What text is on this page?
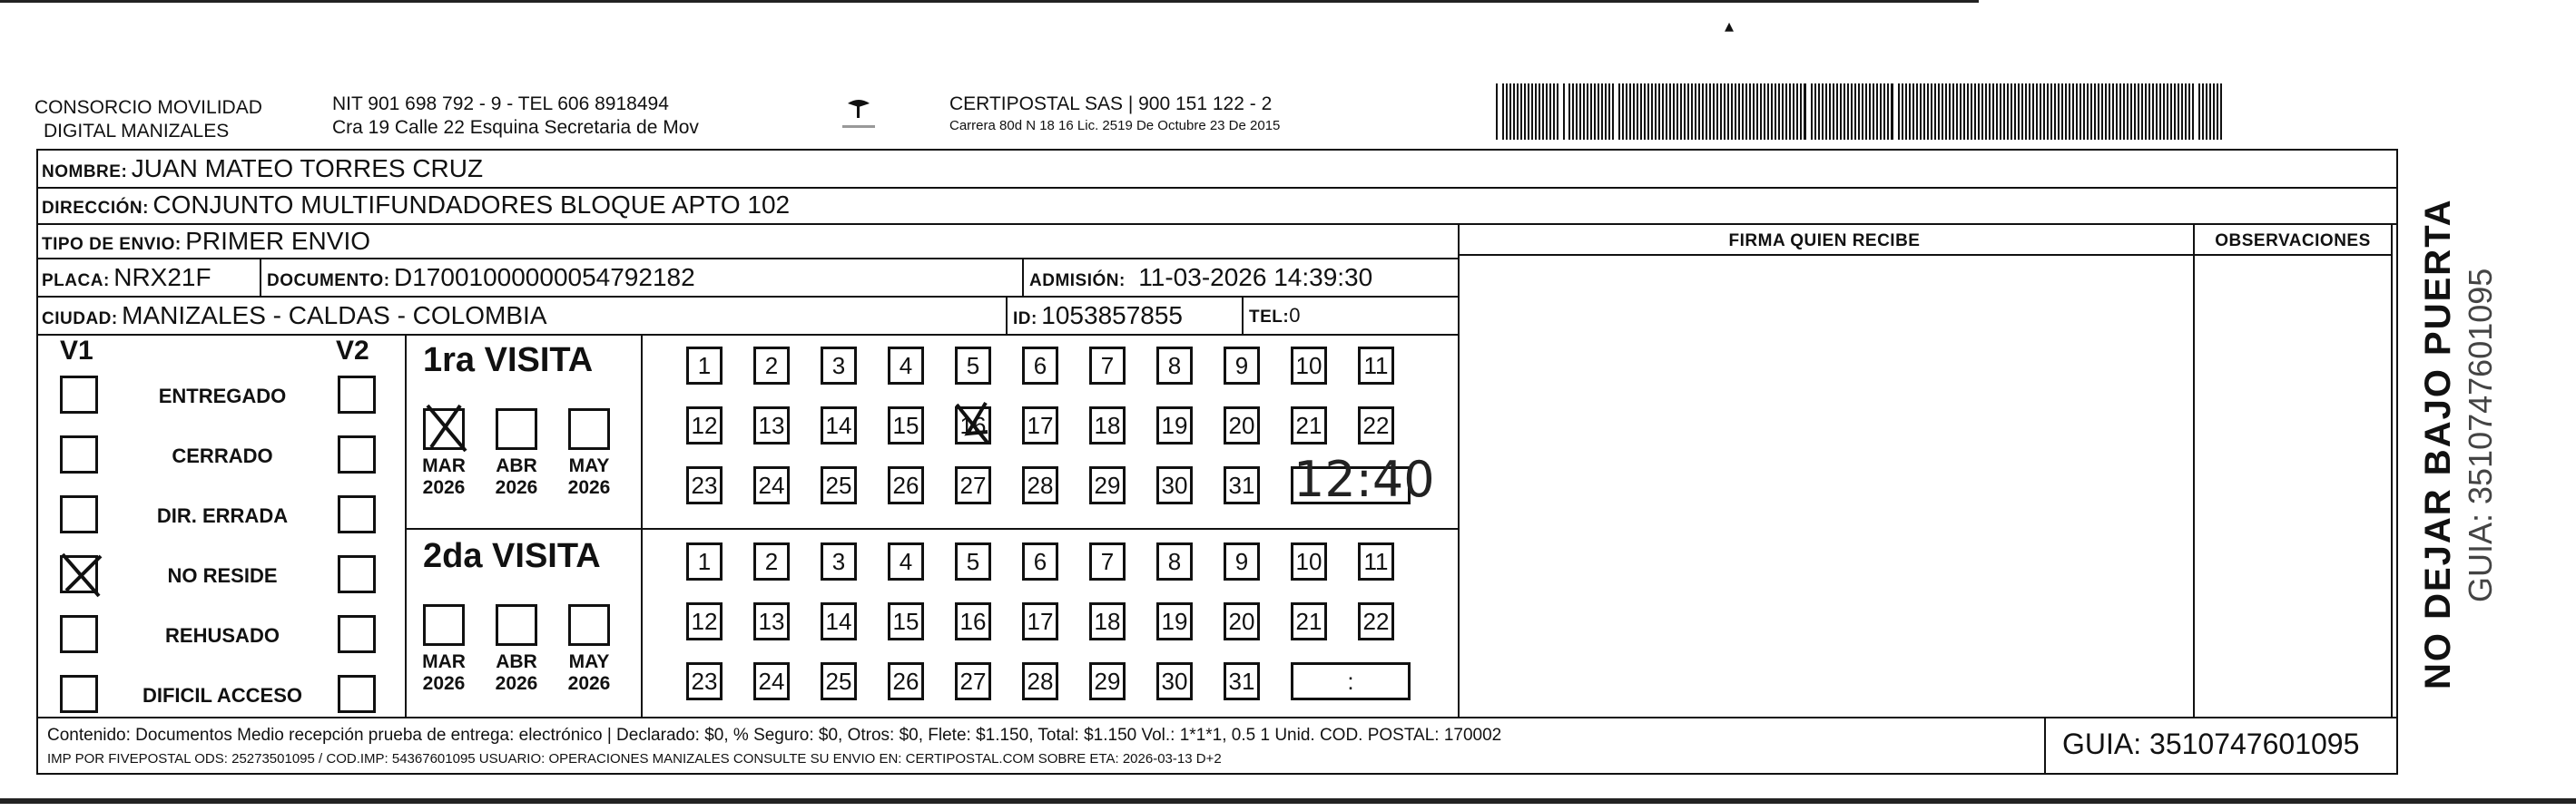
▴
CONSORCIO MOVILIDAD
DIGITAL MANIZALES
NIT 901 698 792 - 9 - TEL 606 8918494
Cra 19 Calle 22 Esquina Secretaria de Mov
CERTIPOSTAL SAS | 900 151 122 - 2
Carrera 80d N 18 16 Lic. 2519 De Octubre 23 De 2015
NOMBRE: JUAN MATEO TORRES CRUZ
DIRECCIÓN: CONJUNTO MULTIFUNDADORES BLOQUE APTO 102
TIPO DE ENVIO: PRIMER ENVIO	FIRMA QUIEN RECIBE	OBSERVACIONES
PLACA: NRX21F	DOCUMENTO: D17001000000054792182	ADMISIÓN: 11-03-2026 14:39:30
CIUDAD: MANIZALES - CALDAS - COLOMBIA	ID: 1053857855	TEL:0
V1	V2
ENTREGADO
CERRADO
DIR. ERRADA
NO RESIDE
REHUSADO
DIFICIL ACCESO
1ra VISITA
MAR
2026
ABR
2026
MAY
2026
1	2	3	4	5	6	7	8	9	10 11
12 13 14 15 16 17 18 19 20 21 22
23 24 25 26 27 28 29 30 31 12:40
2da VISITA
MAR
2026
ABR
2026
MAY
2026
1	2	3	4	5	6	7	8	9	10 11
12 13 14 15 16 17 18 19 20 21 22
23 24 25 26 27 28 29 30 31	:
Contenido: Documentos Medio recepción prueba de entrega: electrónico | Declarado: $0, % Seguro: $0, Otros: $0, Flete: $1.150, Total: $1.150 Vol.: 1*1*1, 0.5 1 Unid. COD. POSTAL: 170002
IMP POR FIVEPOSTAL ODS: 25273501095 / COD.IMP: 54367601095 USUARIO: OPERACIONES MANIZALES CONSULTE SU ENVIO EN: CERTIPOSTAL.COM SOBRE ETA: 2026-03-13 D+2	GUIA: 3510747601095
NO DEJAR BAJO PUERTA GUIA: 3510747601095
